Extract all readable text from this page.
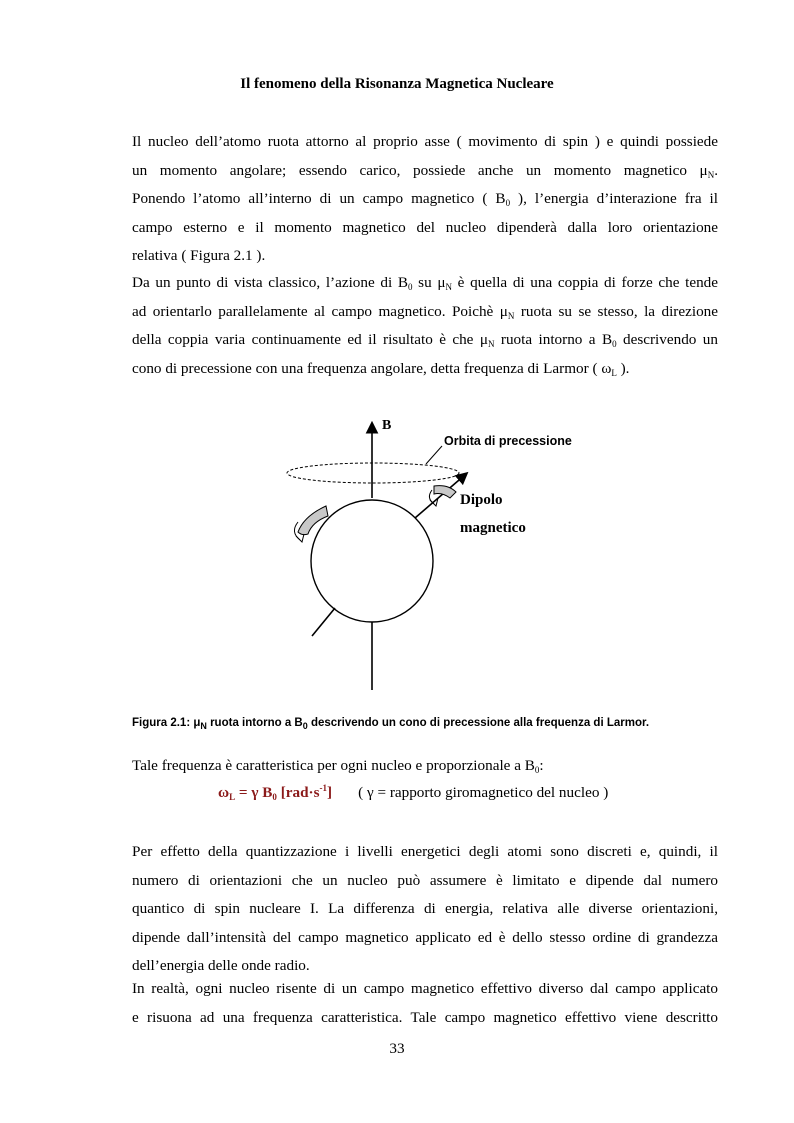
Il fenomeno della Risonanza Magnetica Nucleare
Il nucleo dell’atomo ruota attorno al proprio asse ( movimento di spin ) e quindi possiede
un momento angolare; essendo carico, possiede anche un momento magnetico $\mu_N$.
Ponendo l’atomo all’interno di un campo magnetico ( $B_0$ ), l’energia d’interazione fra il
campo esterno e il momento magnetico del nucleo dipenderà dalla loro orientazione
relativa ( Figura 2.1 ).
Da un punto di vista classico, l’azione di $B_0$ su $\mu_N$ è quella di una coppia di forze che tende
ad orientarlo parallelamente al campo magnetico. Poichè $\mu_N$ ruota su se stesso, la direzione
della coppia varia continuamente ed il risultato è che $\mu_N$ ruota intorno a $B_0$ descrivendo un
cono di precessione con una frequenza angolare, detta frequenza di Larmor ( $\omega_L$ ).
B
Orbita di precessione
Dipolo magnetico
Figura 2.1: $\mu_N$ ruota intorno a $B_0$ descrivendo un cono di precessione alla frequenza di Larmor.
Tale frequenza è caratteristica per ogni nucleo e proporzionale a $B_0$:
$\omega_L = \gamma$ $B_0$ $[rad\cdot s^{-1}]$ ( γ = rapporto giromagnetico del nucleo )
Per effetto della quantizzazione i livelli energetici degli atomi sono discreti e, quindi, il
numero di orientazioni che un nucleo può assumere è limitato e dipende dal numero
quantico di spin nucleare I. La differenza di energia, relativa alle diverse orientazioni,
dipende dall’intensità del campo magnetico applicato ed è dello stesso ordine di grandezza
dell’energia delle onde radio.
In realtà, ogni nucleo risente di un campo magnetico effettivo diverso dal campo applicato
e risuona ad una frequenza caratteristica. Tale campo magnetico effettivo viene descritto
33
